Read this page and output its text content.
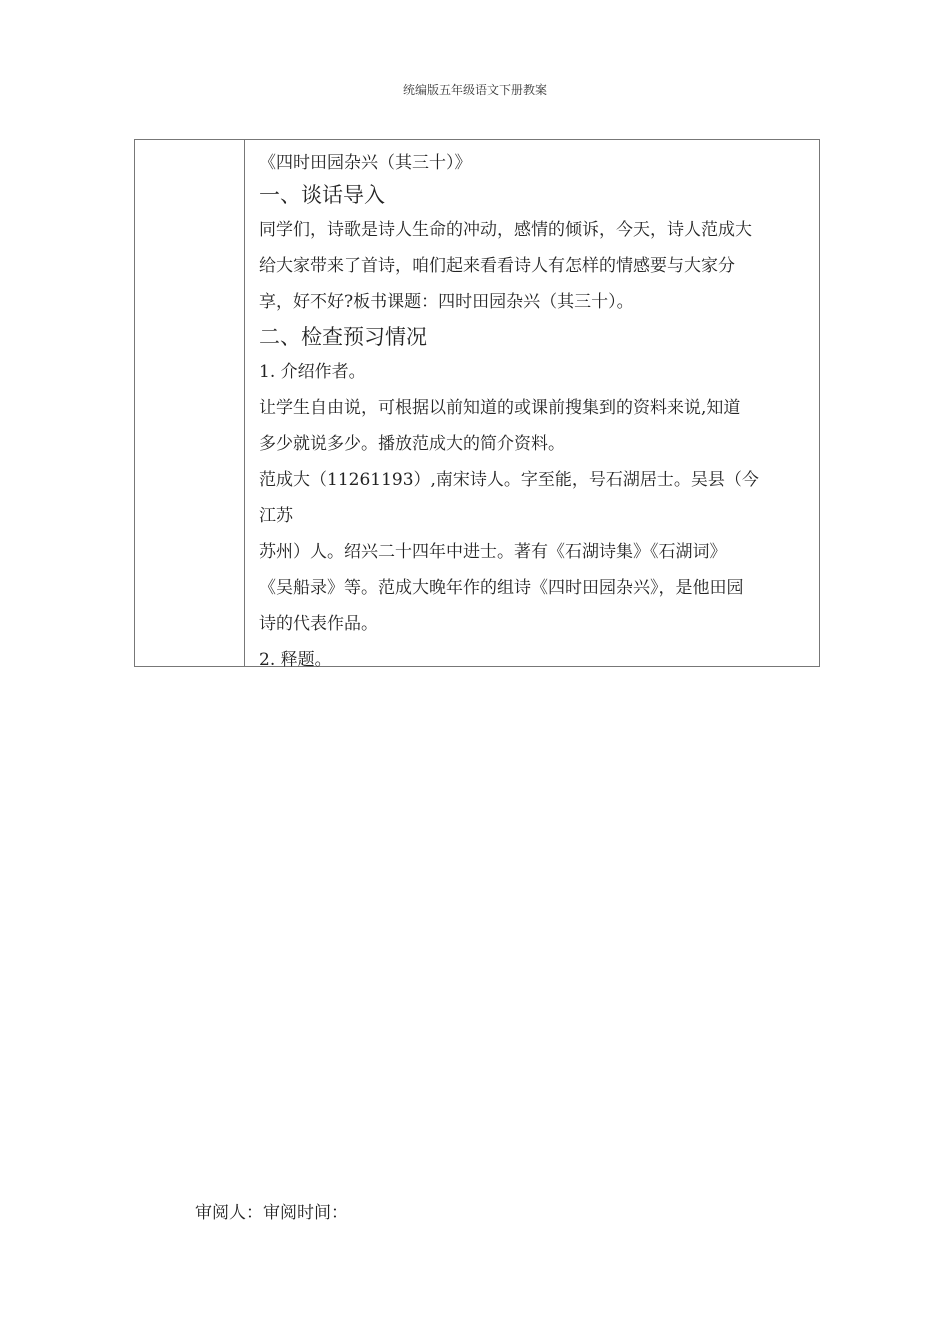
统编版五年级语文下册教案
《四时田园杂兴（其三十）》
一、谈话导入
同学们，诗歌是诗人生命的冲动，感情的倾诉，今天，诗人范成大
给大家带来了首诗，咱们起来看看诗人有怎样的情感要与大家分
享，好不好?板书课题：四时田园杂兴（其三十）。
二、检查预习情况
1. 介绍作者。
让学生自由说，可根据以前知道的或课前搜集到的资料来说,知道
多少就说多少。播放范成大的简介资料。
范成大（11261193）,南宋诗人。字至能，号石湖居士。吴县（今
江苏
苏州）人。绍兴二十四年中进士。著有《石湖诗集》《石湖词》
《吴船录》等。范成大晚年作的组诗《四时田园杂兴》，是他田园
诗的代表作品。
2. 释题。
审阅人：审阅时间：
